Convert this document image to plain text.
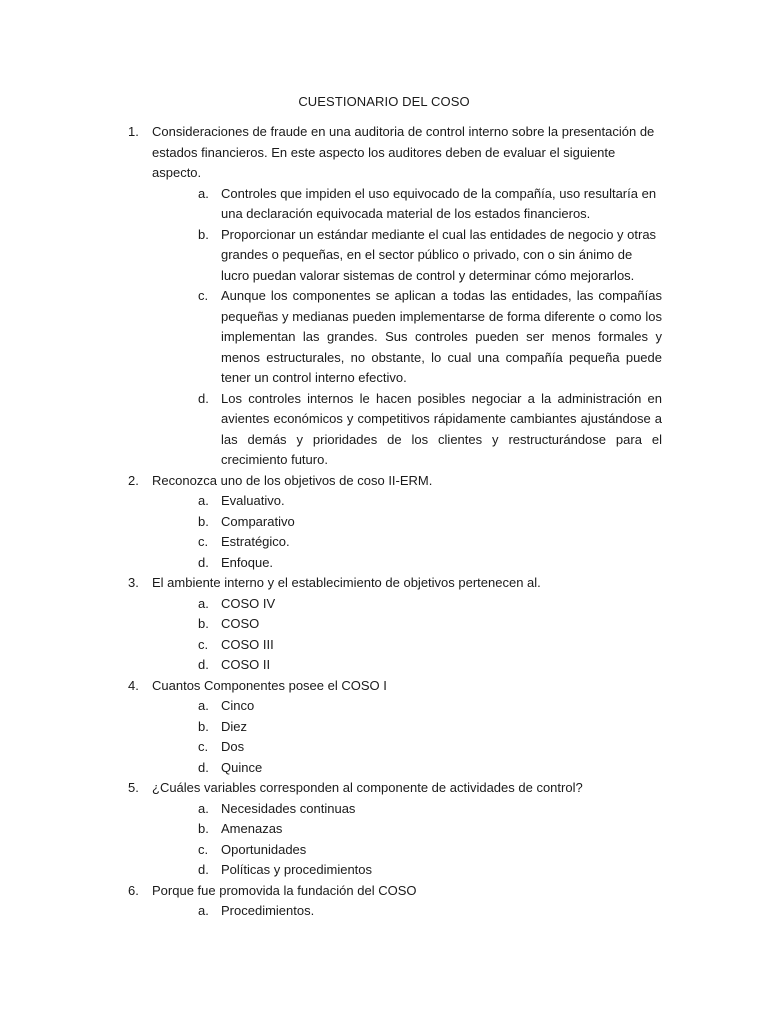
CUESTIONARIO DEL COSO
1. Consideraciones de fraude en una auditoria de control interno sobre la presentación de estados financieros. En este aspecto los auditores deben de evaluar el siguiente aspecto.
a. Controles que impiden el uso equivocado de la compañía, uso resultaría en una declaración equivocada material de los estados financieros.
b. Proporcionar un estándar mediante el cual las entidades de negocio y otras grandes o pequeñas, en el sector público o privado, con o sin ánimo de lucro puedan valorar sistemas de control y determinar cómo mejorarlos.
c. Aunque los componentes se aplican a todas las entidades, las compañías pequeñas y medianas pueden implementarse de forma diferente o como los implementan las grandes. Sus controles pueden ser menos formales y menos estructurales, no obstante, lo cual una compañía pequeña puede tener un control interno efectivo.
d. Los controles internos le hacen posibles negociar a la administración en avientes económicos y competitivos rápidamente cambiantes ajustándose a las demás y prioridades de los clientes y restructurándose para el crecimiento futuro.
2. Reconozca uno de los objetivos de coso II-ERM.
a. Evaluativo.
b. Comparativo
c. Estratégico.
d. Enfoque.
3. El ambiente interno y el establecimiento de objetivos pertenecen al.
a. COSO IV
b. COSO
c. COSO III
d. COSO II
4. Cuantos Componentes posee el COSO I
a. Cinco
b. Diez
c. Dos
d. Quince
5. ¿Cuáles variables corresponden al componente de actividades de control?
a. Necesidades continuas
b. Amenazas
c. Oportunidades
d. Políticas y procedimientos
6. Porque fue promovida la fundación del COSO
a. Procedimientos.
